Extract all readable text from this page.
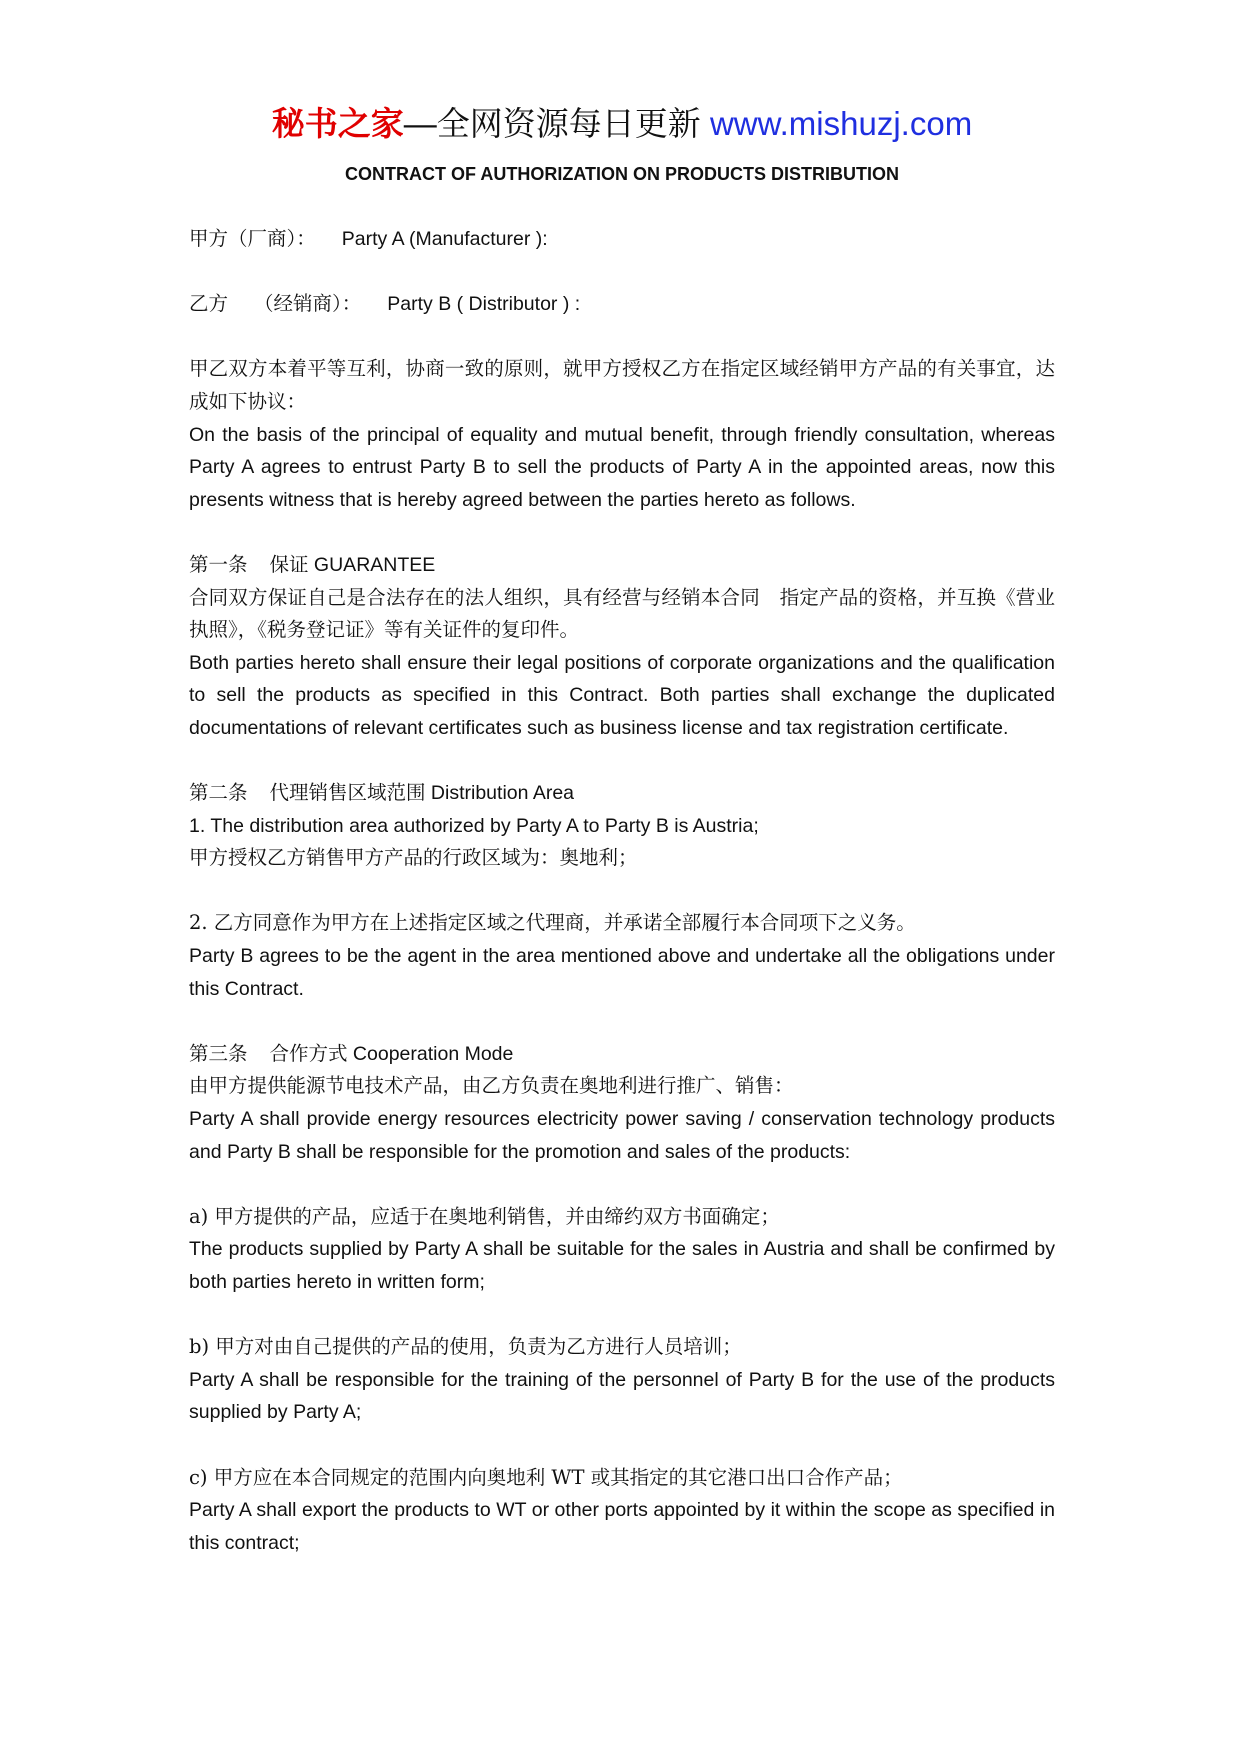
秘书之家—全网资源每日更新 www.mishuzj.com
CONTRACT OF AUTHORIZATION ON PRODUCTS DISTRIBUTION

甲方（厂商）： Party A (Manufacturer ):

乙方 （经销商）： Party B ( Distributor ) :

甲乙双方本着平等互利，协商一致的原则，就甲方授权乙方在指定区域经销甲方产品的有关事宜，达成如下协议：

On the basis of the principal of equality and mutual benefit, through friendly consultation, whereas Party A agrees to entrust Party B to sell the products of Party A in the appointed areas, now this presents witness that is hereby agreed between the parties hereto as follows.

第一条 保证 GUARANTEE

合同双方保证自己是合法存在的法人组织，具有经营与经销本合同　指定产品的资格，并互换《营业执照》，《税务登记证》等有关证件的复印件。

Both parties hereto shall ensure their legal positions of corporate organizations and the qualification to sell the products as specified in this Contract. Both parties shall exchange the duplicated documentations of relevant certificates such as business license and tax registration certificate.

第二条 代理销售区域范围 Distribution Area

1. The distribution area authorized by Party A to Party B is Austria;

甲方授权乙方销售甲方产品的行政区域为：奥地利；

2. 乙方同意作为甲方在上述指定区域之代理商，并承诺全部履行本合同项下之义务。

Party B agrees to be the agent in the area mentioned above and undertake all the obligations under this Contract.

第三条 合作方式 Cooperation Mode

由甲方提供能源节电技术产品，由乙方负责在奥地利进行推广、销售：

Party A shall provide energy resources electricity power saving / conservation technology products and Party B shall be responsible for the promotion and sales of the products:

a) 甲方提供的产品，应适于在奥地利销售，并由缔约双方书面确定；

The products supplied by Party A shall be suitable for the sales in Austria and shall be confirmed by both parties hereto in written form;

b) 甲方对由自己提供的产品的使用，负责为乙方进行人员培训；

Party A shall be responsible for the training of the personnel of Party B for the use of the products supplied by Party A;

c) 甲方应在本合同规定的范围内向奥地利 WT 或其指定的其它港口出口合作产品；

Party A shall export the products to WT or other ports appointed by it within the scope as specified in this contract;
